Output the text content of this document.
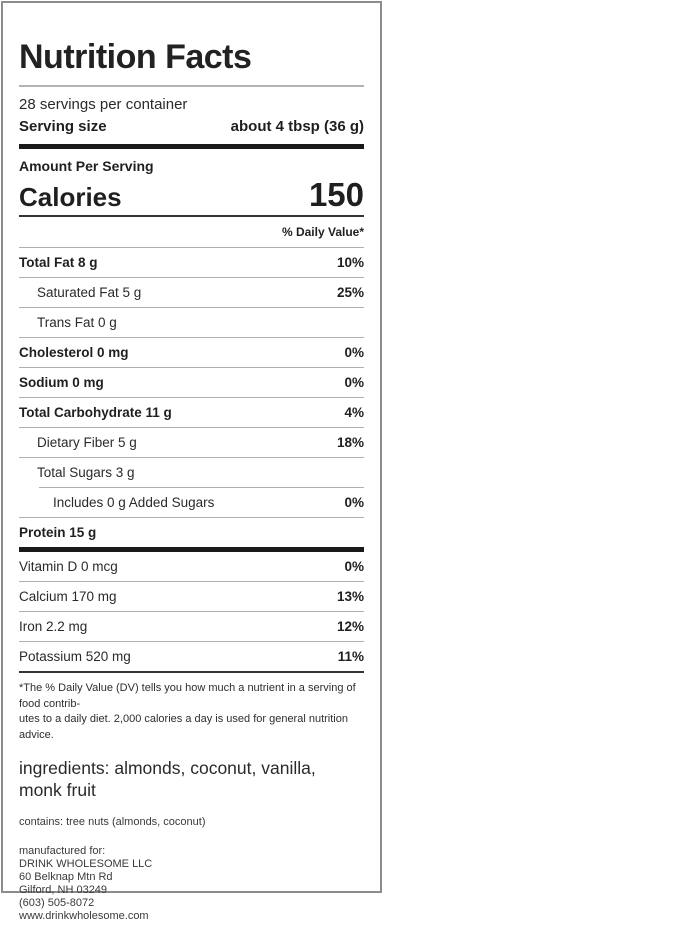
Nutrition Facts
28 servings per container
Serving size	about 4 tbsp (36 g)
Amount Per Serving
Calories	150
% Daily Value*
Total Fat 8 g	10%
Saturated Fat 5 g	25%
Trans Fat 0 g
Cholesterol 0 mg	0%
Sodium 0 mg	0%
Total Carbohydrate 11 g	4%
Dietary Fiber 5 g	18%
Total Sugars 3 g
Includes 0 g Added Sugars	0%
Protein 15 g
Vitamin D 0 mcg	0%
Calcium 170 mg	13%
Iron 2.2 mg	12%
Potassium 520 mg	11%
*The % Daily Value (DV) tells you how much a nutrient in a serving of food contrib-
utes to a daily diet. 2,000 calories a day is used for general nutrition advice.
ingredients: almonds, coconut, vanilla, monk fruit
contains: tree nuts (almonds, coconut)
manufactured for:
DRINK WHOLESOME LLC
60 Belknap Mtn Rd
Gilford, NH 03249
(603) 505-8072
www.drinkwholesome.com
